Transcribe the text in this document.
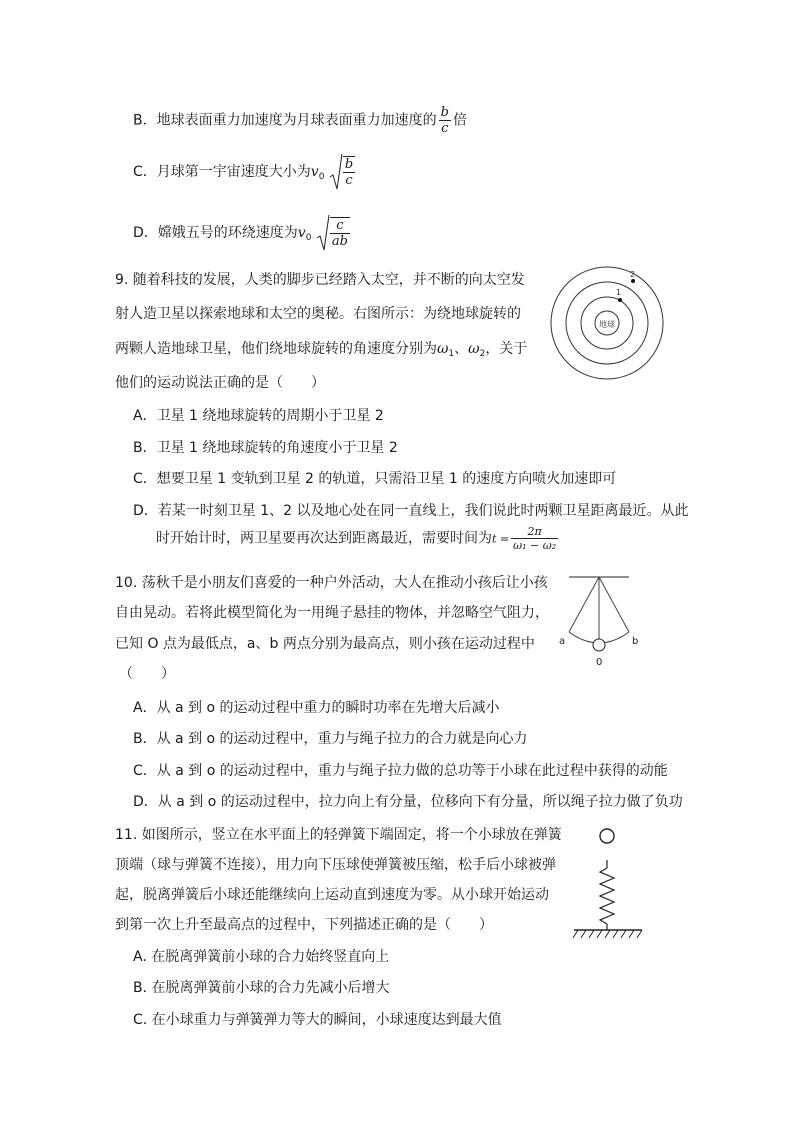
B．地球表面重力加速度为月球表面重力加速度的 $\frac{b}{c}$ 倍
C．月球第一宇宙速度大小为$v_0 \frac{b}{c}$
D．嫦娥五号的环绕速度为$v_0 \frac{c}{ab}$
9. 随着科技的发展，人类的脚步已经踏入太空，并不断的向太空发
射人造卫星以探索地球和太空的奥秘。右图所示：为绕地球旋转的
两颗人造地球卫星，他们绕地球旋转的角速度分别为$\omega_1$、$\omega_2$，关于
他们的运动说法正确的是（　　）
地球
1
2
A．卫星 1 绕地球旋转的周期小于卫星 2
B．卫星 1 绕地球旋转的角速度小于卫星 2
C．想要卫星 1 变轨到卫星 2 的轨道，只需沿卫星 1 的速度方向喷火加速即可
D．若某一时刻卫星 1、2 以及地心处在同一直线上，我们说此时两颗卫星距离最近。从此
时开始计时，两卫星要再次达到距离最近，需要时间为$t = \frac{2\pi}{\text{ω₁ − ω₂}}$
10. 荡秋千是小朋友们喜爱的一种户外活动，大人在推动小孩后让小孩
自由晃动。若将此模型简化为一用绳子悬挂的物体，并忽略空气阻力，
已知 O 点为最低点，a、b 两点分别为最高点，则小孩在运动过程中
（　　）
a	b
0
A．从 a 到 o 的运动过程中重力的瞬时功率在先增大后减小
B．从 a 到 o 的运动过程中，重力与绳子拉力的合力就是向心力
C．从 a 到 o 的运动过程中，重力与绳子拉力做的总功等于小球在此过程中获得的动能
D．从 a 到 o 的运动过程中，拉力向上有分量，位移向下有分量，所以绳子拉力做了负功
11. 如图所示，竖立在水平面上的轻弹簧下端固定，将一个小球放在弹簧
顶端（球与弹簧不连接），用力向下压球使弹簧被压缩，松手后小球被弹
起，脱离弹簧后小球还能继续向上运动直到速度为零。从小球开始运动
到第一次上升至最高点的过程中，下列描述正确的是（　　）
A. 在脱离弹簧前小球的合力始终竖直向上
B. 在脱离弹簧前小球的合力先减小后增大
C. 在小球重力与弹簧弹力等大的瞬间，小球速度达到最大值
